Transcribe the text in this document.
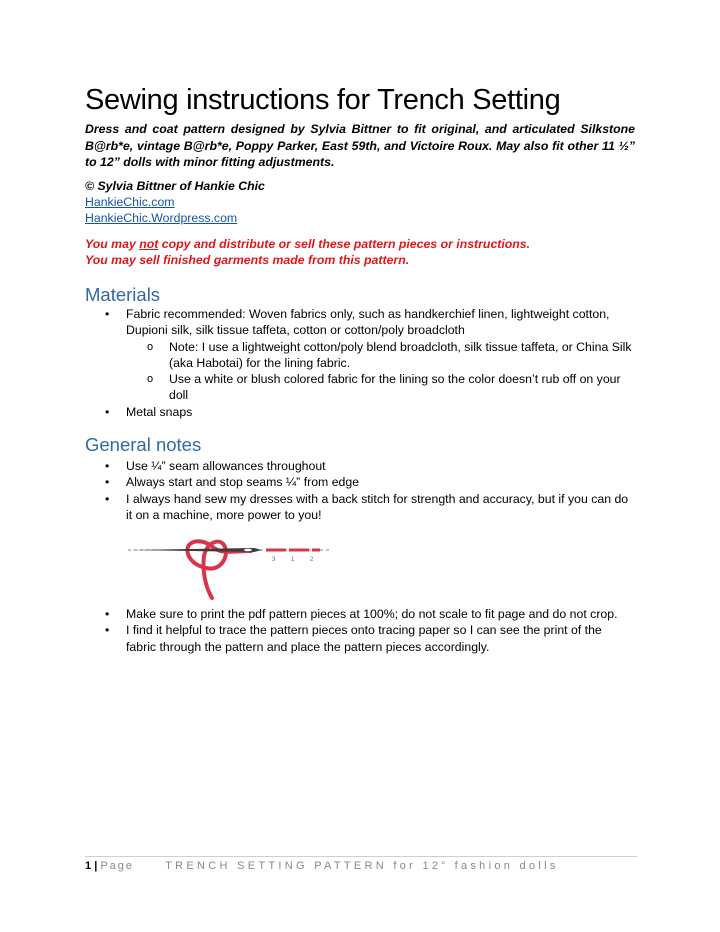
Sewing instructions for Trench Setting

Dress and coat pattern designed by Sylvia Bittner to fit original, and articulated Silkstone B@rb*e, vintage B@rb*e, Poppy Parker, East 59th, and Victoire Roux. May also fit other 11 ½” to 12” dolls with minor fitting adjustments.

© Sylvia Bittner of Hankie Chic
HankieChic.com
HankieChic.Wordpress.com
You may not copy and distribute or sell these pattern pieces or instructions.
You may sell finished garments made from this pattern.
Materials
• Fabric recommended: Woven fabrics only, such as handkerchief linen, lightweight cotton, Dupioni silk, silk tissue taffeta, cotton or cotton/poly broadcloth
o Note: I use a lightweight cotton/poly blend broadcloth, silk tissue taffeta, or China Silk (aka Habotai) for the lining fabric.
o Use a white or blush colored fabric for the lining so the color doesn’t rub off on your doll
• Metal snaps
General notes
• Use ¼” seam allowances throughout
• Always start and stop seams ¼” from edge
• I always hand sew my dresses with a back stitch for strength and accuracy, but if you can do it on a machine, more power to you!
• Make sure to print the pdf pattern pieces at 100%; do not scale to fit page and do not crop.
• I find it helpful to trace the pattern pieces onto tracing paper so I can see the print of the fabric through the pattern and place the pattern pieces accordingly.
3	1	2
1 | Page	TRENCH SETTING PATTERN for 12” fashion dolls
